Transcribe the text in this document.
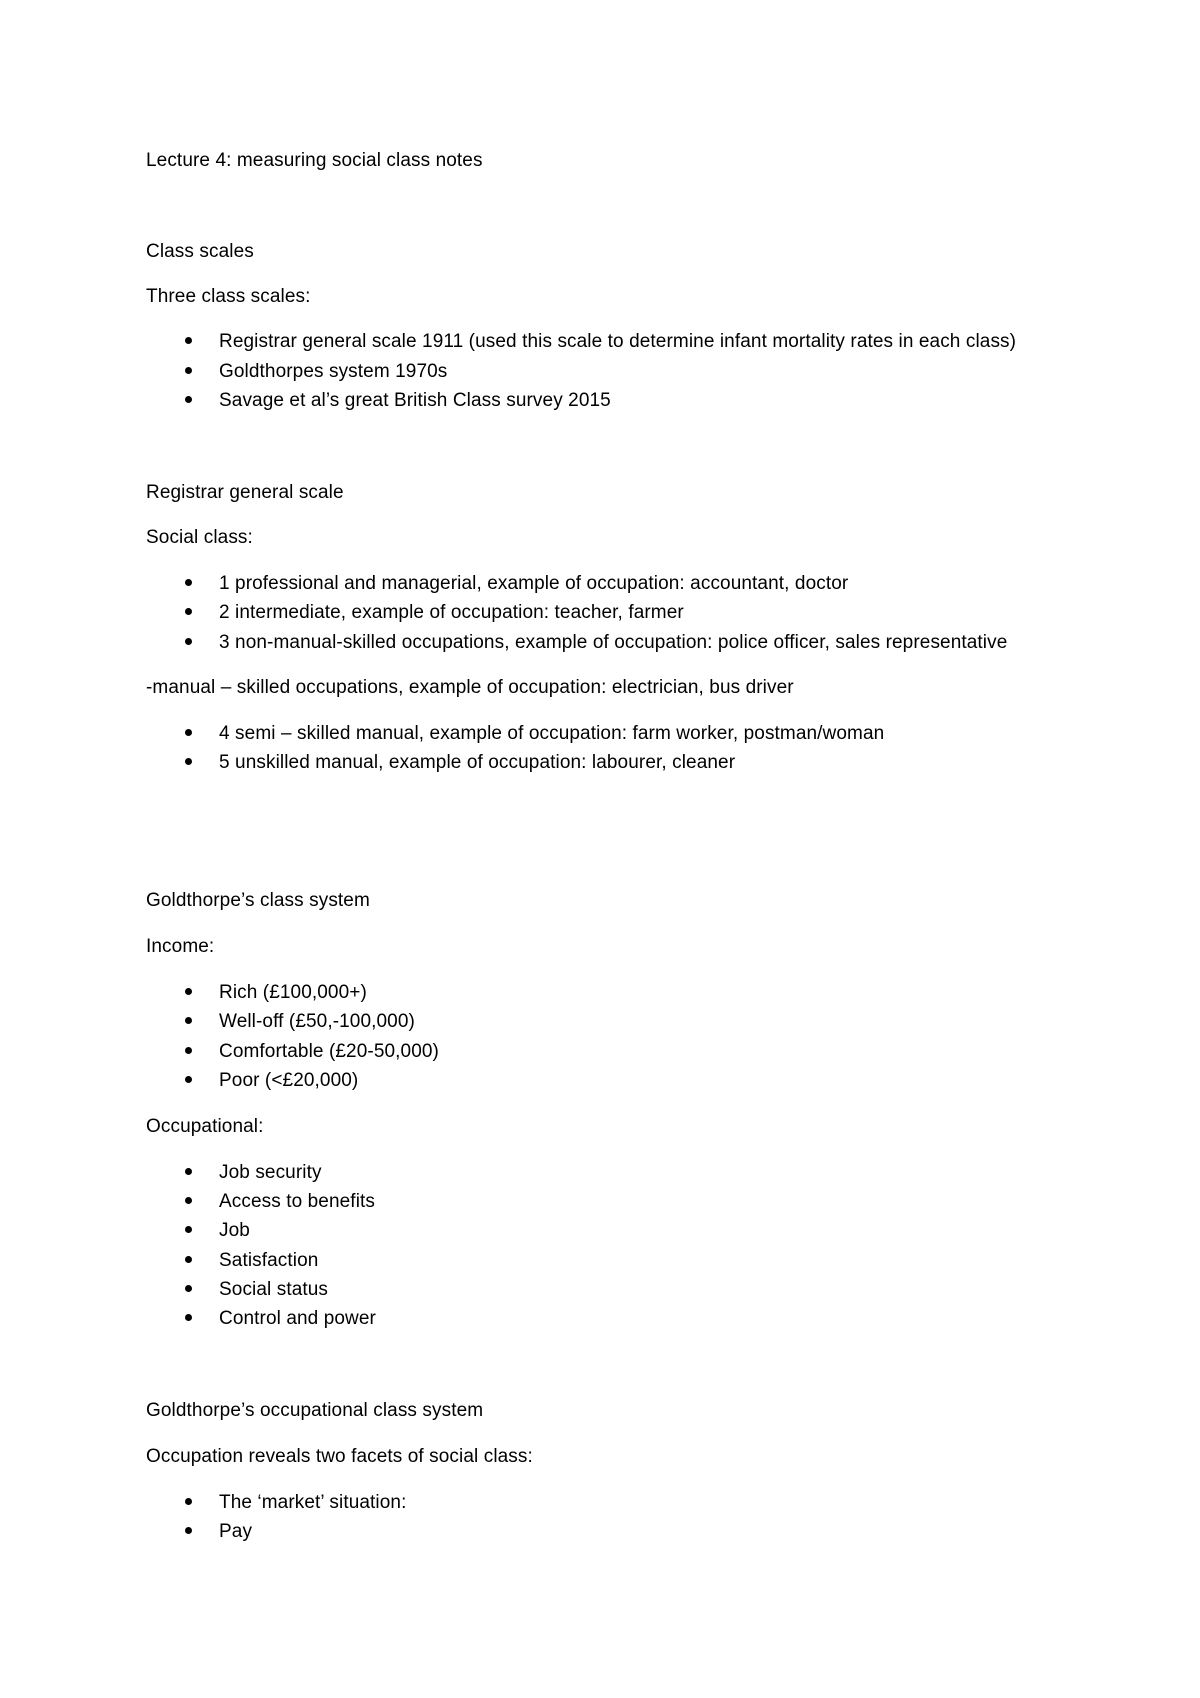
Lecture 4: measuring social class notes
Class scales
Three class scales:
Registrar general scale 1911 (used this scale to determine infant mortality rates in each class)
Goldthorpes system 1970s
Savage et al’s great British Class survey 2015
Registrar general scale
Social class:
1 professional and managerial, example of occupation: accountant, doctor
2 intermediate, example of occupation: teacher, farmer
3 non-manual-skilled occupations, example of occupation: police officer, sales representative
-manual – skilled occupations, example of occupation: electrician, bus driver
4 semi – skilled manual, example of occupation: farm worker, postman/woman
5 unskilled manual, example of occupation: labourer, cleaner
Goldthorpe’s class system
Income:
Rich (£100,000+)
Well-off (£50,-100,000)
Comfortable (£20-50,000)
Poor (<£20,000)
Occupational:
Job security
Access to benefits
Job
Satisfaction
Social status
Control and power
Goldthorpe’s occupational class system
Occupation reveals two facets of social class:
The ‘market’ situation:
Pay
